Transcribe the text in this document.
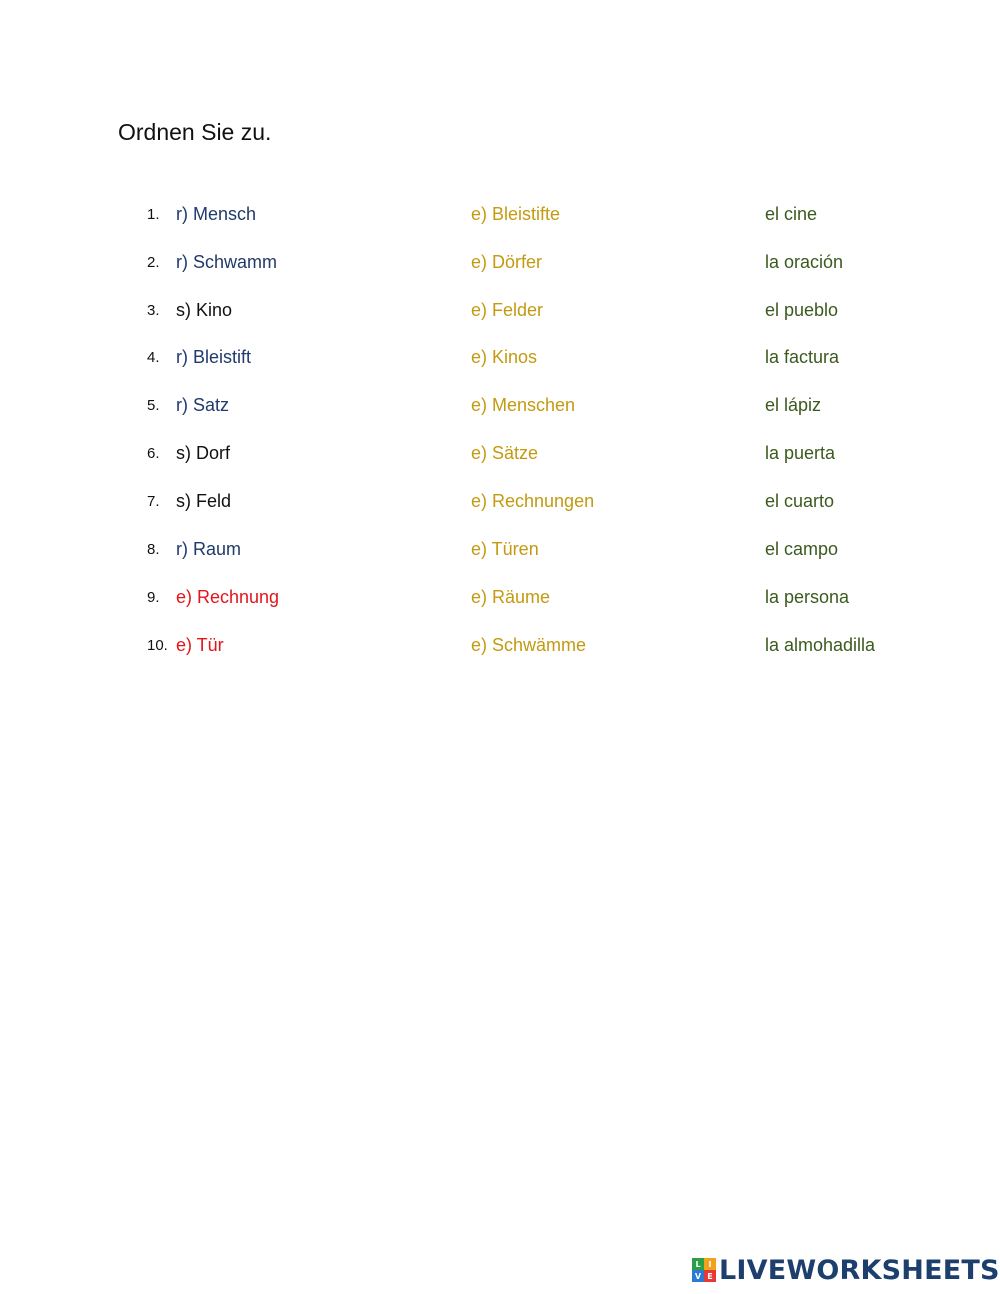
Ordnen Sie zu.
1. r) Mensch	e) Bleistifte	el cine
2. r) Schwamm	e) Dörfer	la oración
3. s) Kino	e) Felder	el pueblo
4. r) Bleistift	e) Kinos	la factura
5. r) Satz	e) Menschen	el lápiz
6. s) Dorf	e) Sätze	la puerta
7. s) Feld	e) Rechnungen	el cuarto
8. r) Raum	e) Türen	el campo
9. e) Rechnung	e) Räume	la persona
10. e) Tür	e) Schwämme	la almohadilla
L I
V E LIVEWORKSHEETS
